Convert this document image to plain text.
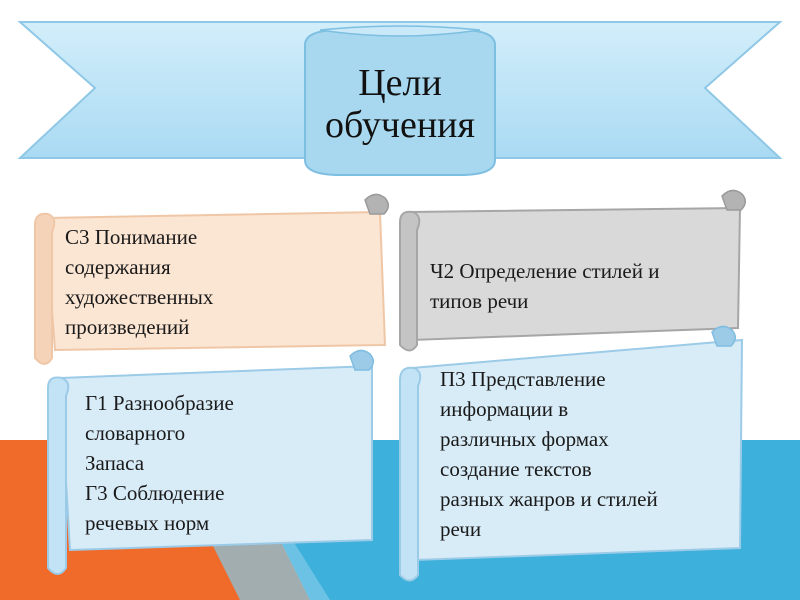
Цели
обучения

С3 Понимание
содержания
художественных
произведений

Ч2 Определение стилей и
типов речи

Г1 Разнообразие
словарного
Запаса
Г3 Соблюдение
речевых норм

П3 Представление
информации в
различных формах
создание текстов
разных жанров и стилей
речи
